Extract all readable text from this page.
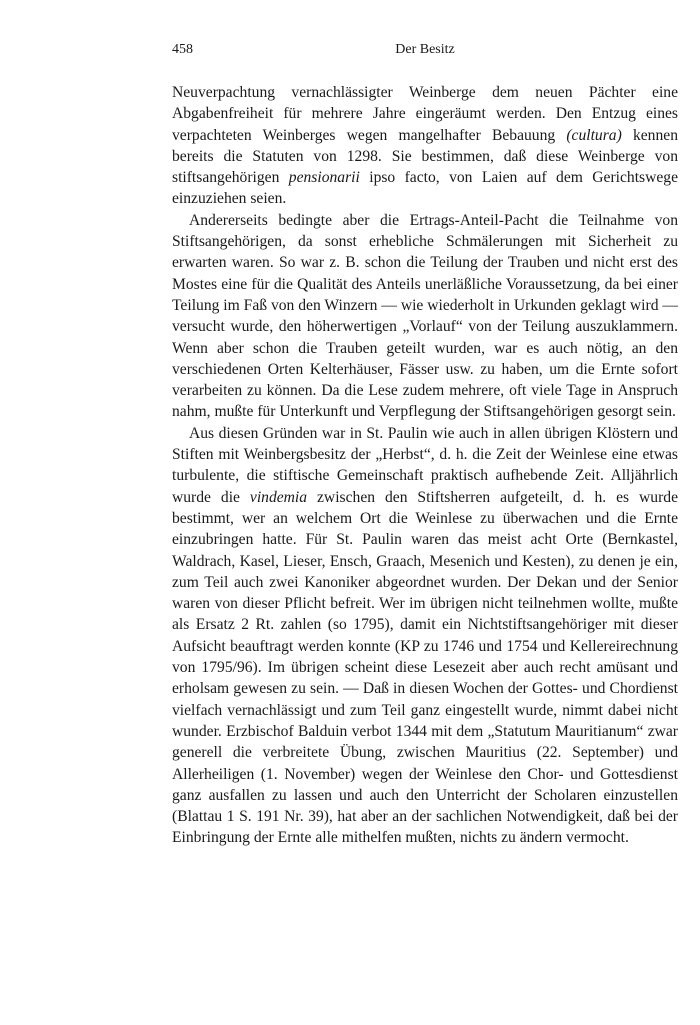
458	Der Besitz

Neuverpachtung vernachlässigter Weinberge dem neuen Pächter eine Abgabenfreiheit für mehrere Jahre eingeräumt werden. Den Entzug eines verpachteten Weinberges wegen mangelhafter Bebauung (cultura) kennen bereits die Statuten von 1298. Sie bestimmen, daß diese Weinberge von stiftsangehörigen pensionarii ipso facto, von Laien auf dem Gerichtswege einzuziehen seien.

Andererseits bedingte aber die Ertrags-Anteil-Pacht die Teilnahme von Stiftsangehörigen, da sonst erhebliche Schmälerungen mit Sicherheit zu erwarten waren. So war z. B. schon die Teilung der Trauben und nicht erst des Mostes eine für die Qualität des Anteils unerläßliche Voraussetzung, da bei einer Teilung im Faß von den Winzern — wie wiederholt in Urkunden geklagt wird — versucht wurde, den höherwertigen „Vorlauf“ von der Teilung auszuklammern. Wenn aber schon die Trauben geteilt wurden, war es auch nötig, an den verschiedenen Orten Kelterhäuser, Fässer usw. zu haben, um die Ernte sofort verarbeiten zu können. Da die Lese zudem mehrere, oft viele Tage in Anspruch nahm, mußte für Unterkunft und Verpflegung der Stiftsangehörigen gesorgt sein.

Aus diesen Gründen war in St. Paulin wie auch in allen übrigen Klöstern und Stiften mit Weinbergsbesitz der „Herbst“, d. h. die Zeit der Weinlese eine etwas turbulente, die stiftische Gemeinschaft praktisch aufhebende Zeit. Alljährlich wurde die vindemia zwischen den Stiftsherren aufgeteilt, d. h. es wurde bestimmt, wer an welchem Ort die Weinlese zu überwachen und die Ernte einzubringen hatte. Für St. Paulin waren das meist acht Orte (Bernkastel, Waldrach, Kasel, Lieser, Ensch, Graach, Mesenich und Kesten), zu denen je ein, zum Teil auch zwei Kanoniker abgeordnet wurden. Der Dekan und der Senior waren von dieser Pflicht befreit. Wer im übrigen nicht teilnehmen wollte, mußte als Ersatz 2 Rt. zahlen (so 1795), damit ein Nichtstiftsangehöriger mit dieser Aufsicht beauftragt werden konnte (KP zu 1746 und 1754 und Kellereirechnung von 1795/96). Im übrigen scheint diese Lesezeit aber auch recht amüsant und erholsam gewesen zu sein. — Daß in diesen Wochen der Gottes- und Chordienst vielfach vernachlässigt und zum Teil ganz eingestellt wurde, nimmt dabei nicht wunder. Erzbischof Balduin verbot 1344 mit dem „Statutum Mauritianum“ zwar generell die verbreitete Übung, zwischen Mauritius (22. September) und Allerheiligen (1. November) wegen der Weinlese den Chor- und Gottesdienst ganz ausfallen zu lassen und auch den Unterricht der Scholaren einzustellen (Blattau 1 S. 191 Nr. 39), hat aber an der sachlichen Notwendigkeit, daß bei der Einbringung der Ernte alle mithelfen mußten, nichts zu ändern vermocht.
